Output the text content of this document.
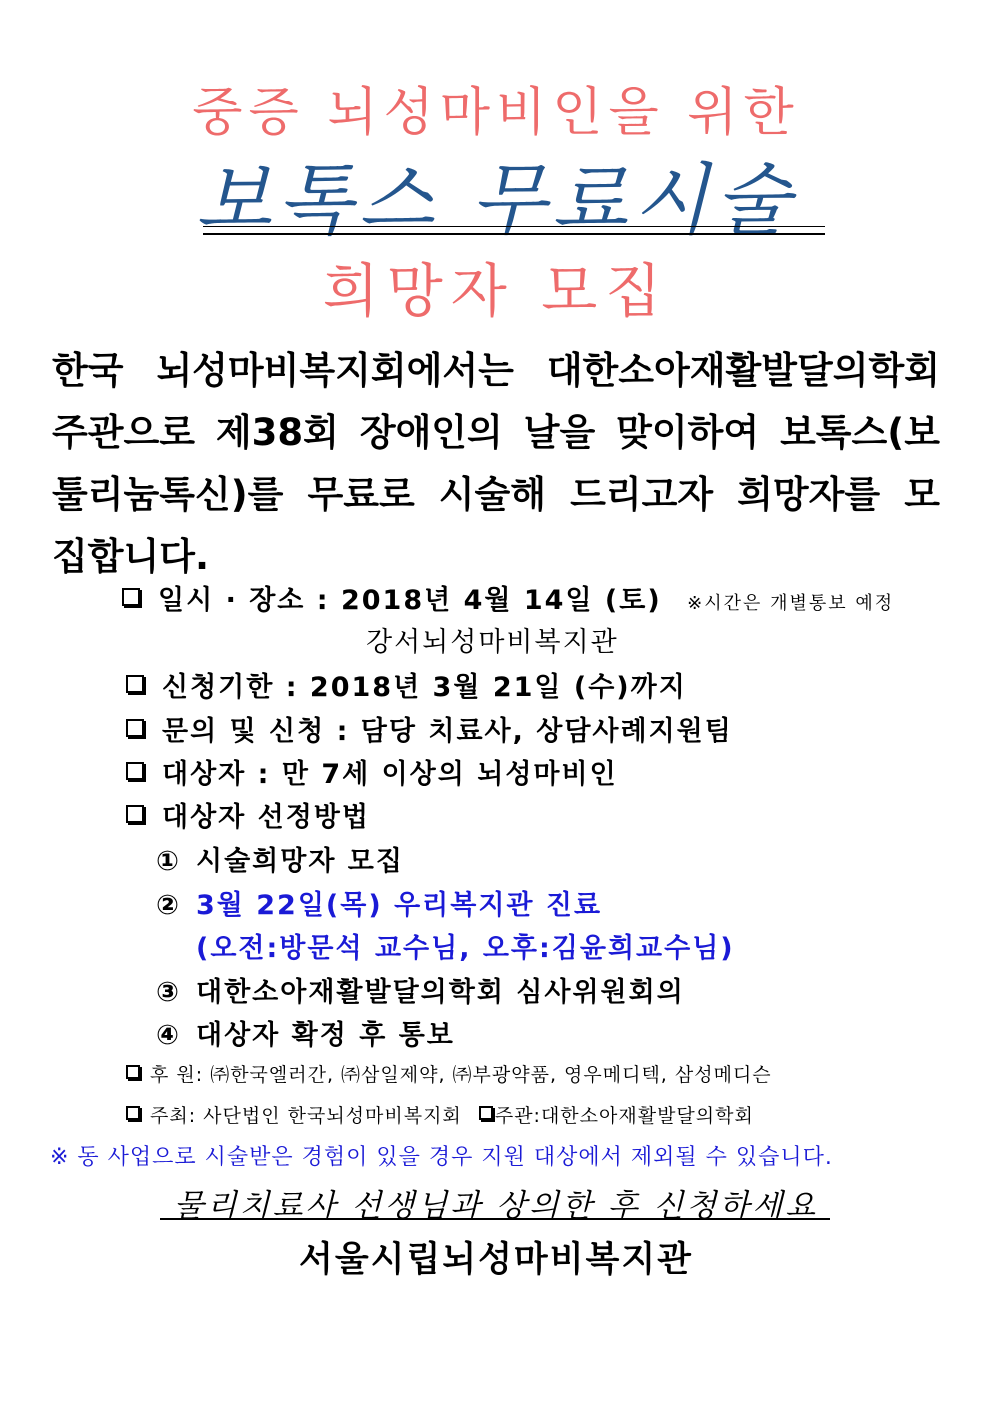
중증 뇌성마비인을 위한
보톡스 무료시술
희망자 모집
한국 뇌성마비복지회에서는 대한소아재활발달의학회
주관으로 제38회 장애인의 날을 맞이하여 보톡스(보
툴리눔톡신)를 무료로 시술해 드리고자 희망자를 모
집합니다.
일시 · 장소 : 2018년 4월 14일 (토) ※시간은 개별통보 예정
강서뇌성마비복지관
신청기한 : 2018년 3월 21일 (수)까지
문의 및 신청 : 담당 치료사, 상담사례지원팀
대상자 : 만 7세 이상의 뇌성마비인
대상자 선정방법
① 시술희망자 모집
② 3월 22일(목) 우리복지관 진료
(오전:방문석 교수님, 오후:김윤희교수님)
③ 대한소아재활발달의학회 심사위원회의
④ 대상자 확정 후 통보
후 원: ㈜한국엘러간, ㈜삼일제약, ㈜부광약품, 영우메디텍, 삼성메디슨
주최: 사단법인 한국뇌성마비복지회 주관:대한소아재활발달의학회
※ 동 사업으로 시술받은 경험이 있을 경우 지원 대상에서 제외될 수 있습니다.
물리치료사 선생님과 상의한 후 신청하세요
서울시립뇌성마비복지관
